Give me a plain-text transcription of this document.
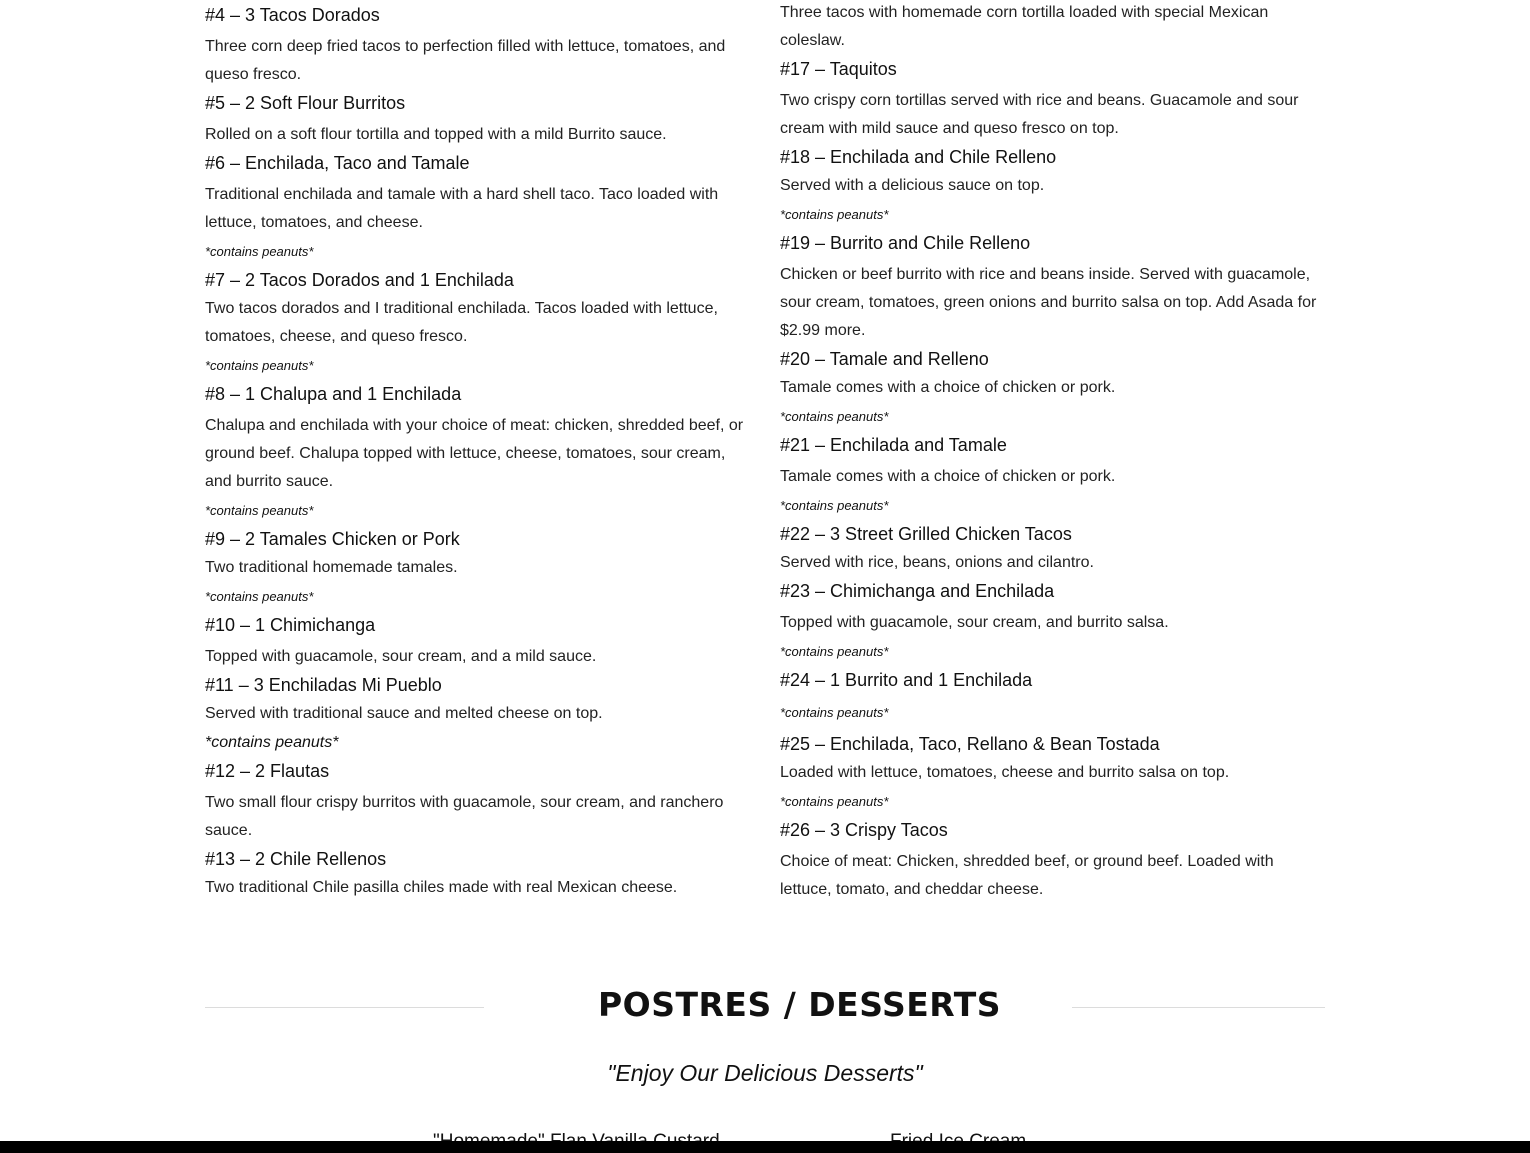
#4 – 3 Tacos Dorados

Three corn deep fried tacos to perfection filled with lettuce, tomatoes, and queso fresco.

#5 – 2 Soft Flour Burritos

Rolled on a soft flour tortilla and topped with a mild Burrito sauce.

#6 – Enchilada, Taco and Tamale

Traditional enchilada and tamale with a hard shell taco. Taco loaded with lettuce, tomatoes, and cheese.

*contains peanuts*

#7 – 2 Tacos Dorados and 1 Enchilada

Two tacos dorados and I traditional enchilada. Tacos loaded with lettuce, tomatoes, cheese, and queso fresco.

*contains peanuts*

#8 – 1 Chalupa and 1 Enchilada

Chalupa and enchilada with your choice of meat: chicken, shredded beef, or ground beef. Chalupa topped with lettuce, cheese, tomatoes, sour cream, and burrito sauce.

*contains peanuts*

#9 – 2 Tamales Chicken or Pork

Two traditional homemade tamales.

*contains peanuts*

#10 – 1 Chimichanga

Topped with guacamole, sour cream, and a mild sauce.

#11 – 3 Enchiladas Mi Pueblo

Served with traditional sauce and melted cheese on top.

*contains peanuts*

#12 – 2 Flautas

Two small flour crispy burritos with guacamole, sour cream, and ranchero sauce.

#13 – 2 Chile Rellenos

Two traditional Chile pasilla chiles made with real Mexican cheese.

Three tacos with homemade corn tortilla loaded with special Mexican coleslaw.

#17 – Taquitos

Two crispy corn tortillas served with rice and beans. Guacamole and sour cream with mild sauce and queso fresco on top.

#18 – Enchilada and Chile Relleno

Served with a delicious sauce on top.

*contains peanuts*

#19 – Burrito and Chile Relleno

Chicken or beef burrito with rice and beans inside. Served with guacamole, sour cream, tomatoes, green onions and burrito salsa on top. Add Asada for $2.99 more.

#20 – Tamale and Relleno

Tamale comes with a choice of chicken or pork.

*contains peanuts*

#21 – Enchilada and Tamale

Tamale comes with a choice of chicken or pork.

*contains peanuts*

#22 – 3 Street Grilled Chicken Tacos

Served with rice, beans, onions and cilantro.

#23 – Chimichanga and Enchilada

Topped with guacamole, sour cream, and burrito salsa.

*contains peanuts*

#24 – 1 Burrito and 1 Enchilada

*contains peanuts*

#25 – Enchilada, Taco, Rellano & Bean Tostada

Loaded with lettuce, tomatoes, cheese and burrito salsa on top.

*contains peanuts*

#26 – 3 Crispy Tacos

Choice of meat: Chicken, shredded beef, or ground beef. Loaded with lettuce, tomato, and cheddar cheese.

POSTRES / DESSERTS

"Enjoy Our Delicious Desserts"
